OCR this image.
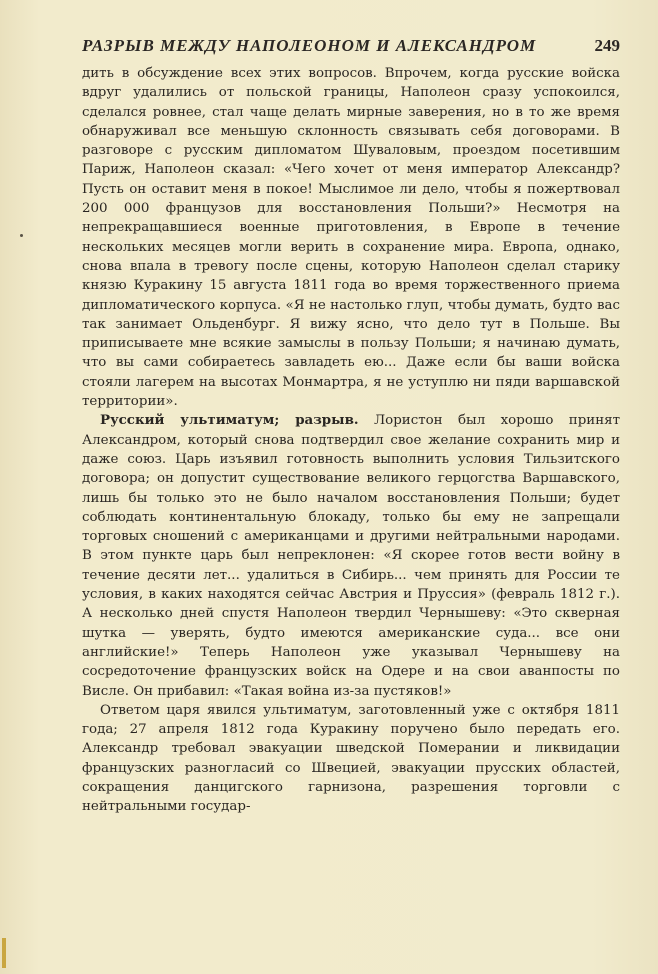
РАЗРЫВ МЕЖДУ НАПОЛЕОНОМ И АЛЕКСАНДРОМ	249

дить в обсуждение всех этих вопросов. Впрочем, когда русские войска вдруг удалились от польской границы, Наполеон сразу успокоился, сделался ровнее, стал чаще делать мирные заверения, но в то же время обнаруживал все меньшую склонность связывать себя договорами. В разговоре с русским дипломатом Шуваловым, проездом посетившим Париж, Наполеон сказал: «Чего хочет от меня император Александр? Пусть он оставит меня в покое! Мыслимое ли дело, чтобы я пожертвовал 200 000 французов для восстановления Польши?» Несмотря на непрекращавшиеся военные приготовления, в Европе в течение нескольких месяцев могли верить в сохранение мира. Европа, однако, снова впала в тревогу после сцены, которую Наполеон сделал старику князю Куракину 15 августа 1811 года во время торжественного приема дипломатического корпуса. «Я не настолько глуп, чтобы думать, будто вас так занимает Ольденбург. Я вижу ясно, что дело тут в Польше. Вы приписываете мне всякие замыслы в пользу Польши; я начинаю думать, что вы сами собираетесь завладеть ею... Даже если бы ваши войска стояли лагерем на высотах Монмартра, я не уступлю ни пяди варшавской территории».

Русский ультиматум; разрыв. Лористон был хорошо принят Александром, который снова подтвердил свое желание сохранить мир и даже союз. Царь изъявил готовность выполнить условия Тильзитского договора; он допустит существование великого герцогства Варшавского, лишь бы только это не было началом восстановления Польши; будет соблюдать континентальную блокаду, только бы ему не запрещали торговых сношений с американцами и другими нейтральными народами. В этом пункте царь был непреклонен: «Я скорее готов вести войну в течение десяти лет... удалиться в Сибирь... чем принять для России те условия, в каких находятся сейчас Австрия и Пруссия» (февраль 1812 г.). А несколько дней спустя Наполеон твердил Чернышеву: «Это скверная шутка — уверять, будто имеются американские суда... все они английские!» Теперь Наполеон уже указывал Чернышеву на сосредоточение французских войск на Одере и на свои аванпосты по Висле. Он прибавил: «Такая война из-за пустяков!»

Ответом царя явился ультиматум, заготовленный уже с октября 1811 года; 27 апреля 1812 года Куракину поручено было передать его. Александр требовал эвакуации шведской Померании и ликвидации французских разногласий со Швецией, эвакуации прусских областей, сокращения данцигского гарнизона, разрешения торговли с нейтральными государ-
